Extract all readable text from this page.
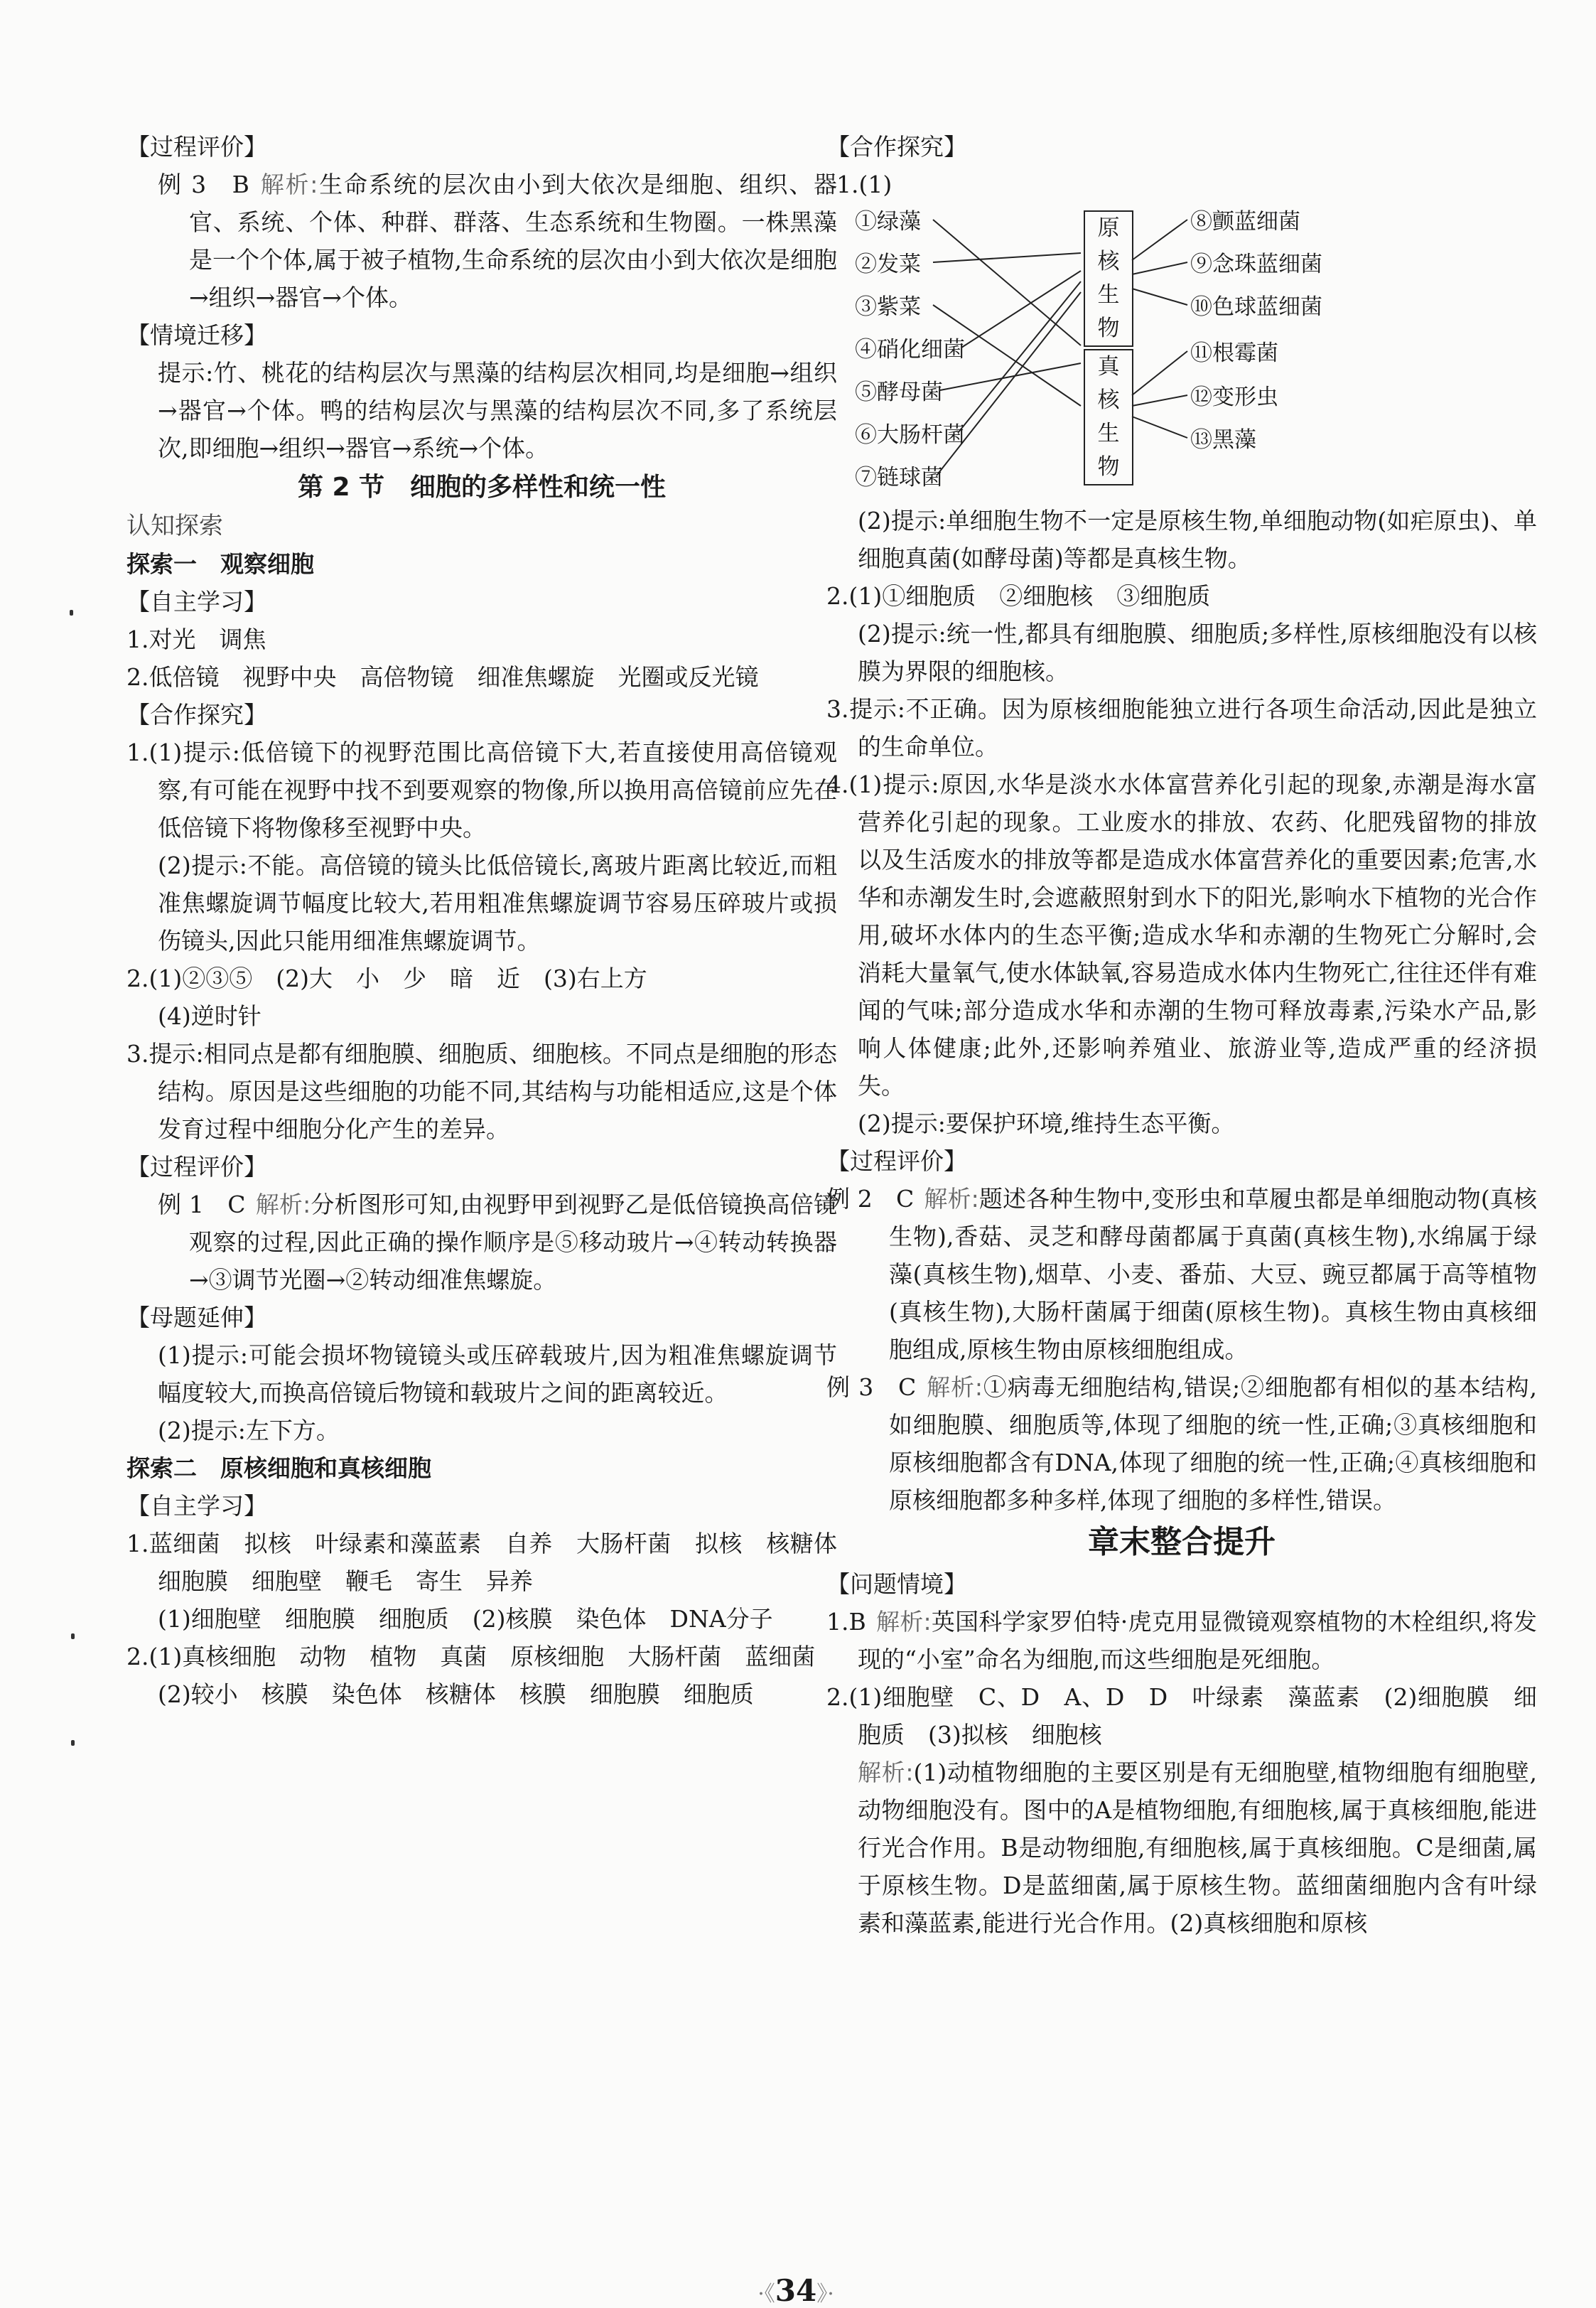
【过程评价】

例 3　B 解析:生命系统的层次由小到大依次是细胞、组织、器官、系统、个体、种群、群落、生态系统和生物圈。一株黑藻是一个个体,属于被子植物,生命系统的层次由小到大依次是细胞→组织→器官→个体。

【情境迁移】

提示:竹、桃花的结构层次与黑藻的结构层次相同,均是细胞→组织→器官→个体。鸭的结构层次与黑藻的结构层次不同,多了系统层次,即细胞→组织→器官→系统→个体。

第 2 节　细胞的多样性和统一性

认知探索

探索一　观察细胞

【自主学习】

1.对光　调焦

2.低倍镜　视野中央　高倍物镜　细准焦螺旋　光圈或反光镜

【合作探究】

1.(1)提示:低倍镜下的视野范围比高倍镜下大,若直接使用高倍镜观察,有可能在视野中找不到要观察的物像,所以换用高倍镜前应先在低倍镜下将物像移至视野中央。

(2)提示:不能。高倍镜的镜头比低倍镜长,离玻片距离比较近,而粗准焦螺旋调节幅度比较大,若用粗准焦螺旋调节容易压碎玻片或损伤镜头,因此只能用细准焦螺旋调节。

2.(1)②③⑤　(2)大　小　少　暗　近　(3)右上方

(4)逆时针

3.提示:相同点是都有细胞膜、细胞质、细胞核。不同点是细胞的形态结构。原因是这些细胞的功能不同,其结构与功能相适应,这是个体发育过程中细胞分化产生的差异。

【过程评价】

例 1　C 解析:分析图形可知,由视野甲到视野乙是低倍镜换高倍镜观察的过程,因此正确的操作顺序是⑤移动玻片→④转动转换器→③调节光圈→②转动细准焦螺旋。

【母题延伸】

(1)提示:可能会损坏物镜镜头或压碎载玻片,因为粗准焦螺旋调节幅度较大,而换高倍镜后物镜和载玻片之间的距离较近。

(2)提示:左下方。

探索二　原核细胞和真核细胞

【自主学习】

1.蓝细菌　拟核　叶绿素和藻蓝素　自养　大肠杆菌　拟核　核糖体　细胞膜　细胞壁　鞭毛　寄生　异养

(1)细胞壁　细胞膜　细胞质　(2)核膜　染色体　DNA分子

2.(1)真核细胞　动物　植物　真菌　原核细胞　大肠杆菌　蓝细菌

(2)较小　核膜　染色体　核糖体　核膜　细胞膜　细胞质

【合作探究】

1.(1)

①绿藻
②发菜
③紫菜
④硝化细菌
⑤酵母菌
⑥大肠杆菌
⑦链球菌
原
核
生
物
真
核
生
物
⑧颤蓝细菌
⑨念珠蓝细菌
⑩色球蓝细菌
⑪根霉菌
⑫变形虫
⑬黑藻

(2)提示:单细胞生物不一定是原核生物,单细胞动物(如疟原虫)、单细胞真菌(如酵母菌)等都是真核生物。

2.(1)①细胞质　②细胞核　③细胞质

(2)提示:统一性,都具有细胞膜、细胞质;多样性,原核细胞没有以核膜为界限的细胞核。

3.提示:不正确。因为原核细胞能独立进行各项生命活动,因此是独立的生命单位。

4.(1)提示:原因,水华是淡水水体富营养化引起的现象,赤潮是海水富营养化引起的现象。工业废水的排放、农药、化肥残留物的排放以及生活废水的排放等都是造成水体富营养化的重要因素;危害,水华和赤潮发生时,会遮蔽照射到水下的阳光,影响水下植物的光合作用,破坏水体内的生态平衡;造成水华和赤潮的生物死亡分解时,会消耗大量氧气,使水体缺氧,容易造成水体内生物死亡,往往还伴有难闻的气味;部分造成水华和赤潮的生物可释放毒素,污染水产品,影响人体健康;此外,还影响养殖业、旅游业等,造成严重的经济损失。

(2)提示:要保护环境,维持生态平衡。

【过程评价】

例 2　C 解析:题述各种生物中,变形虫和草履虫都是单细胞动物(真核生物),香菇、灵芝和酵母菌都属于真菌(真核生物),水绵属于绿藻(真核生物),烟草、小麦、番茄、大豆、豌豆都属于高等植物(真核生物),大肠杆菌属于细菌(原核生物)。真核生物由真核细胞组成,原核生物由原核细胞组成。

例 3　C 解析:①病毒无细胞结构,错误;②细胞都有相似的基本结构,如细胞膜、细胞质等,体现了细胞的统一性,正确;③真核细胞和原核细胞都含有DNA,体现了细胞的统一性,正确;④真核细胞和原核细胞都多种多样,体现了细胞的多样性,错误。

章末整合提升

【问题情境】

1.B 解析:英国科学家罗伯特·虎克用显微镜观察植物的木栓组织,将发现的“小室”命名为细胞,而这些细胞是死细胞。

2.(1)细胞壁　C、D　A、D　D　叶绿素　藻蓝素　(2)细胞膜　细胞质　(3)拟核　细胞核

解析:(1)动植物细胞的主要区别是有无细胞壁,植物细胞有细胞壁,动物细胞没有。图中的A是植物细胞,有细胞核,属于真核细胞,能进行光合作用。B是动物细胞,有细胞核,属于真核细胞。C是细菌,属于原核生物。D是蓝细菌,属于原核生物。蓝细菌细胞内含有叶绿素和藻蓝素,能进行光合作用。(2)真核细胞和原核

·《34》·
